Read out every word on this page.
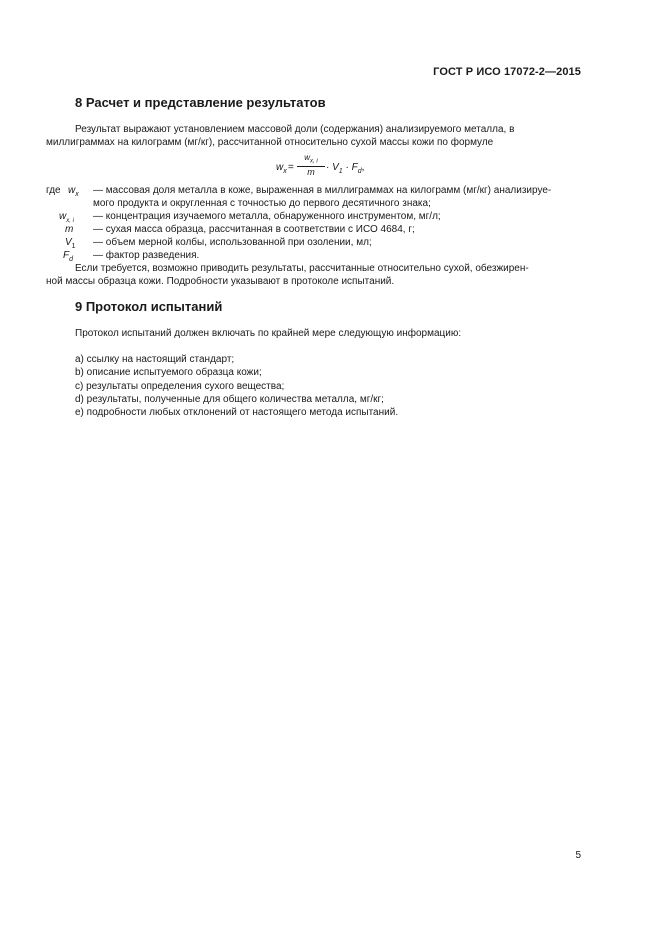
ГОСТ Р ИСО 17072-2—2015
8 Расчет и представление результатов
Результат выражают установлением массовой доли (содержания) анализируемого металла, в
миллиграммах на килограмм (мг/кг), рассчитанной относительно сухой массы кожи по формуле
$w_x = \frac{w_{x, i}}{m} \cdot V_1 \cdot F_d$,
где $w_x$ — массовая доля металла в коже, выраженная в миллиграммах на килограмм (мг/кг) анализируе-
мого продукта и округленная с точностью до первого десятичного знака;
$w_{x, i}$ — концентрация изучаемого металла, обнаруженного инструментом, мг/л;
m — сухая масса образца, рассчитанная в соответствии с ИСО 4684, г;
$V_1$ — объем мерной колбы, использованной при озолении, мл;
$F_d$ — фактор разведения.
Если требуется, возможно приводить результаты, рассчитанные относительно сухой, обезжирен-
ной массы образца кожи. Подробности указывают в протоколе испытаний.
9 Протокол испытаний
Протокол испытаний должен включать по крайней мере следующую информацию:
a) ссылку на настоящий стандарт;
b) описание испытуемого образца кожи;
c) результаты определения сухого вещества;
d) результаты, полученные для общего количества металла, мг/кг;
e) подробности любых отклонений от настоящего метода испытаний.
5
